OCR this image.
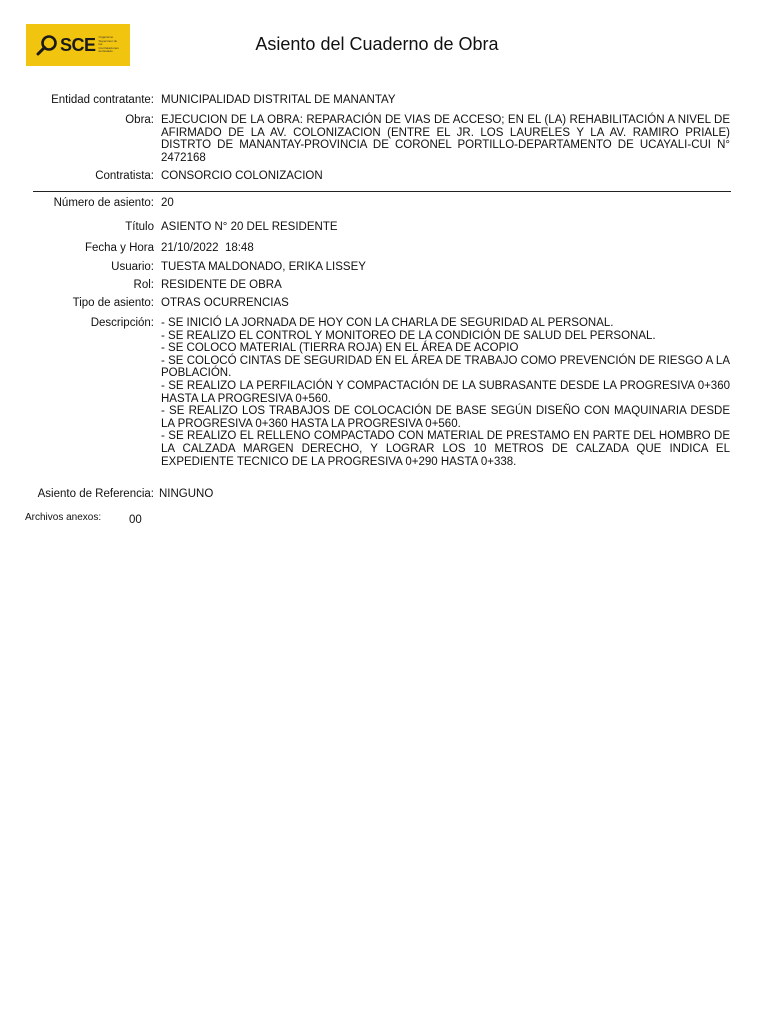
SCE Organismo Supervisor de las Contrataciones del Estado	Asiento del Cuaderno de Obra
Entidad contratante: MUNICIPALIDAD DISTRITAL DE MANANTAY
Obra: EJECUCION DE LA OBRA: REPARACIÓN DE VIAS DE ACCESO; EN EL (LA) REHABILITACIÓN A NIVEL DE AFIRMADO DE LA AV. COLONIZACION (ENTRE EL JR. LOS LAURELES Y LA AV. RAMIRO PRIALE) DISTRTO DE MANANTAY-PROVINCIA DE CORONEL PORTILLO-DEPARTAMENTO DE UCAYALI-CUI N° 2472168
Contratista: CONSORCIO COLONIZACION
Número de asiento: 20
Título ASIENTO N° 20 DEL RESIDENTE
Fecha y Hora 21/10/2022  18:48
Usuario: TUESTA MALDONADO, ERIKA LISSEY
Rol: RESIDENTE DE OBRA
Tipo de asiento: OTRAS OCURRENCIAS
Descripción: - SE INICIÓ LA JORNADA DE HOY CON LA CHARLA DE SEGURIDAD AL PERSONAL.
- SE REALIZO EL CONTROL Y MONITOREO DE LA CONDICIÓN DE SALUD DEL PERSONAL.
- SE COLOCO MATERIAL (TIERRA ROJA) EN EL ÁREA DE ACOPIO
- SE COLOCÓ CINTAS DE SEGURIDAD EN EL ÁREA DE TRABAJO COMO PREVENCIÓN DE RIESGO A LA POBLACIÓN.
- SE REALIZO LA PERFILACIÓN Y COMPACTACIÓN DE LA SUBRASANTE DESDE LA PROGRESIVA 0+360 HASTA LA PROGRESIVA 0+560.
- SE REALIZO LOS TRABAJOS DE COLOCACIÓN DE BASE SEGÚN DISEÑO CON MAQUINARIA DESDE LA PROGRESIVA 0+360 HASTA LA PROGRESIVA 0+560.
- SE REALIZO EL RELLENO COMPACTADO CON MATERIAL DE PRESTAMO EN PARTE DEL HOMBRO DE LA CALZADA MARGEN DERECHO, Y LOGRAR LOS 10 METROS DE CALZADA QUE INDICA EL EXPEDIENTE TECNICO DE LA PROGRESIVA 0+290 HASTA 0+338.
Asiento de Referencia: NINGUNO
Archivos anexos: 00
